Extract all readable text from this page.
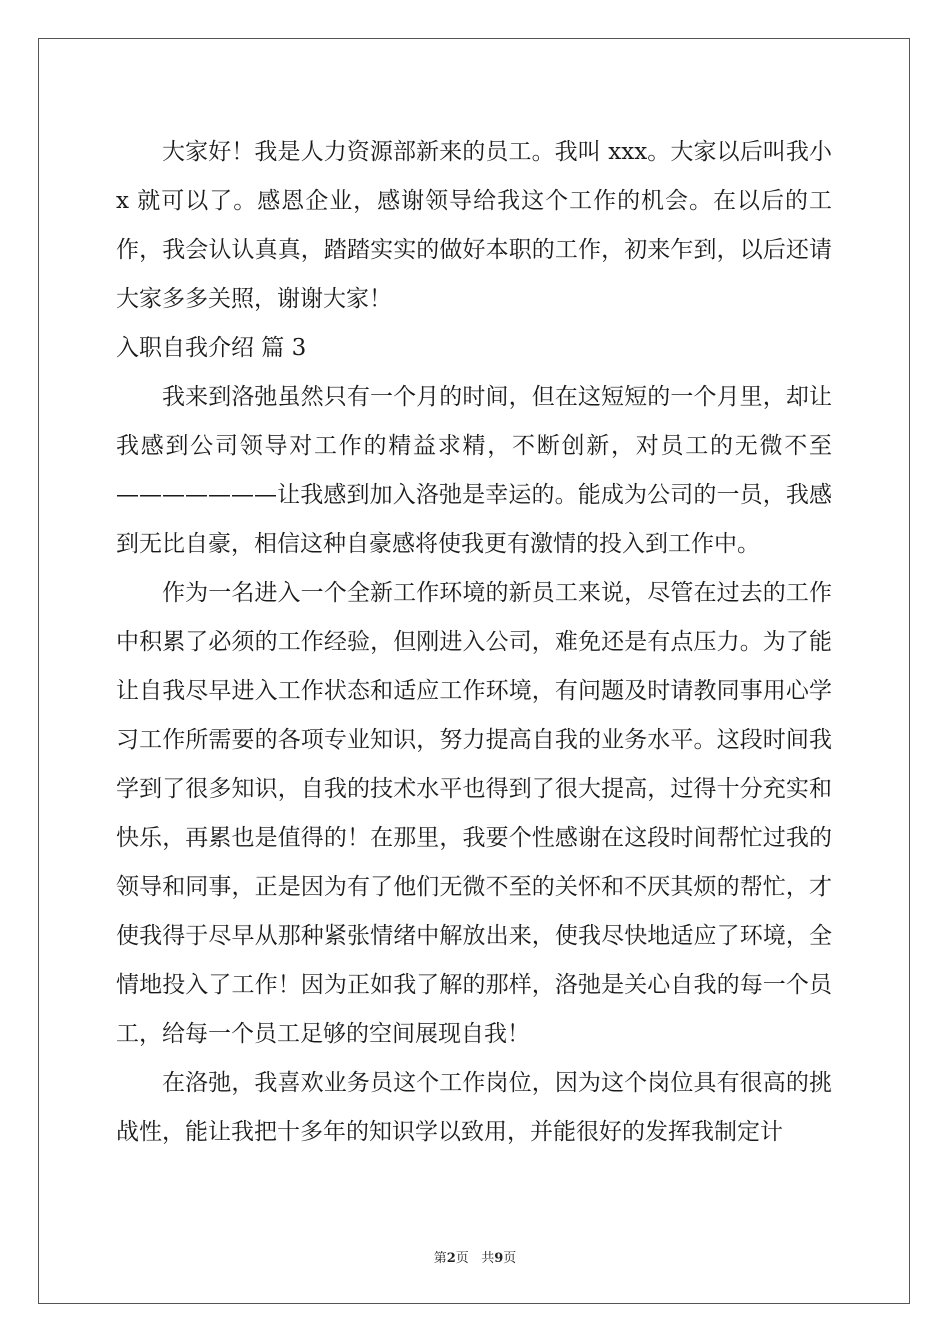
大家好！我是人力资源部新来的员工。我叫 xxx。大家以后叫我小 x 就可以了。感恩企业，感谢领导给我这个工作的机会。在以后的工作，我会认认真真，踏踏实实的做好本职的工作，初来乍到，以后还请大家多多关照，谢谢大家！

入职自我介绍 篇 3

我来到洛弛虽然只有一个月的时间，但在这短短的一个月里，却让我感到公司领导对工作的精益求精，不断创新，对员工的无微不至———————让我感到加入洛弛是幸运的。能成为公司的一员，我感到无比自豪，相信这种自豪感将使我更有激情的投入到工作中。

作为一名进入一个全新工作环境的新员工来说，尽管在过去的工作中积累了必须的工作经验，但刚进入公司，难免还是有点压力。为了能让自我尽早进入工作状态和适应工作环境，有问题及时请教同事用心学习工作所需要的各项专业知识，努力提高自我的业务水平。这段时间我学到了很多知识，自我的技术水平也得到了很大提高，过得十分充实和快乐，再累也是值得的！在那里，我要个性感谢在这段时间帮忙过我的领导和同事，正是因为有了他们无微不至的关怀和不厌其烦的帮忙，才使我得于尽早从那种紧张情绪中解放出来，使我尽快地适应了环境，全情地投入了工作！因为正如我了解的那样，洛弛是关心自我的每一个员工，给每一个员工足够的空间展现自我！

在洛弛，我喜欢业务员这个工作岗位，因为这个岗位具有很高的挑战性，能让我把十多年的知识学以致用，并能很好的发挥我制定计

第2页 共9页
